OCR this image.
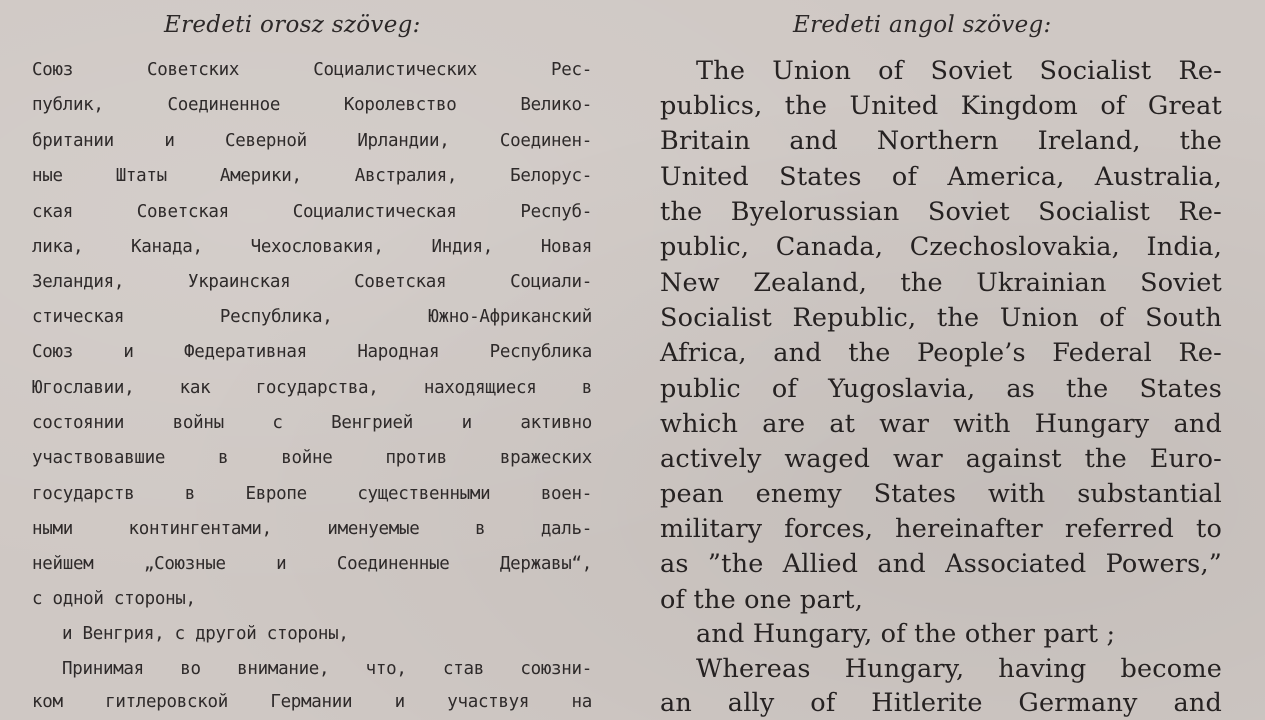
Eredeti orosz szöveg:
Союз Советских Социалистических Рес-
публик, Соединенное Королевство Велико-
британии и Северной Ирландии, Соединен-
ные Штаты Америки, Австралия, Белорус-
ская Советская Социалистическая Респуб-
лика, Канада, Чехословакия, Индия, Новая
Зеландия, Украинская Советская Социали-
стическая Республика, Южно-Африканский
Союз и Федеративная Народная Республика
Югославии, как государства, находящиеся в
состоянии войны с Венгрией и активно
участвовавшие в войне против вражеских
государств в Европе существенными воен-
ными контингентами, именуемые в даль-
нейшем „Союзные и Соединенные Державы“,
с одной стороны,
и Венгрия, с другой стороны,
Принимая во внимание, что, став союзни-
ком гитлеровской Германии и участвуя на
Eredeti angol szöveg:
The Union of Soviet Socialist Re-
publics, the United Kingdom of Great
Britain and Northern Ireland, the
United States of America, Australia,
the Byelorussian Soviet Socialist Re-
public, Canada, Czechoslovakia, India,
New Zealand, the Ukrainian Soviet
Socialist Republic, the Union of South
Africa, and the People’s Federal Re-
public of Yugoslavia, as the States
which are at war with Hungary and
actively waged war against the Euro-
pean enemy States with substantial
military forces, hereinafter referred to
as ”the Allied and Associated Powers,”
of the one part,
and Hungary, of the other part ;
Whereas Hungary, having become
an ally of Hitlerite Germany and
